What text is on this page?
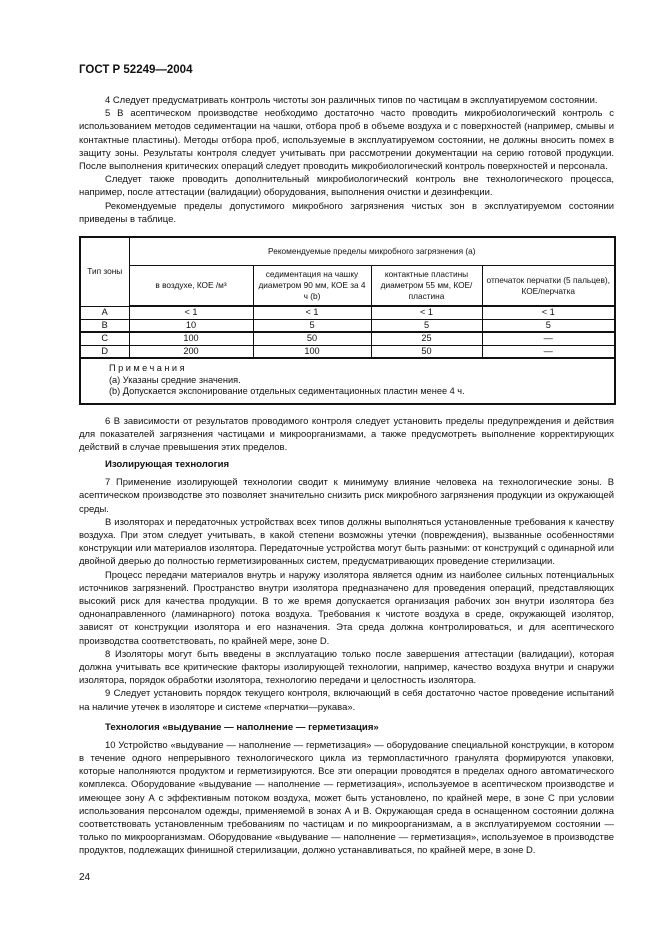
ГОСТ Р 52249—2004

4 Следует предусматривать контроль чистоты зон различных типов по частицам в эксплуатируемом состоянии.

5 В асептическом производстве необходимо достаточно часто проводить микробиологический контроль с использованием методов седиментации на чашки, отбора проб в объеме воздуха и с поверхностей (например, смывы и контактные пластины). Методы отбора проб, используемые в эксплуатируемом состоянии, не должны вносить помех в защиту зоны. Результаты контроля следует учитывать при рассмотрении документации на серию готовой продукции. После выполнения критических операций следует проводить микробиологический контроль поверхностей и персонала.

Следует также проводить дополнительный микробиологический контроль вне технологического процесса, например, после аттестации (валидации) оборудования, выполнения очистки и дезинфекции.

Рекомендуемые пределы допустимого микробного загрязнения чистых зон в эксплуатируемом состоянии приведены в таблице.

Тип зоны	Рекомендуемые пределы микробного загрязнения (а)			
	в воздухе, КОЕ /м³	седиментация на чашку диаметром 90 мм, КОЕ за 4 ч (b)	контактные пластины диаметром 55 мм, КОЕ/пластина	отпечаток перчатки (5 пальцев), КОЕ/перчатка
A	< 1	< 1	< 1	< 1
B	10	5	5	5
C	100	50	25	—
D	200	100	50	—

Примечания
(а) Указаны средние значения.
(b) Допускается экспонирование отдельных седиментационных пластин менее 4 ч.				

6 В зависимости от результатов проводимого контроля следует установить пределы предупреждения и действия для показателей загрязнения частицами и микроорганизмами, а также предусмотреть выполнение корректирующих действий в случае превышения этих пределов.

Изолирующая технология

7 Применение изолирующей технологии сводит к минимуму влияние человека на технологические зоны. В асептическом производстве это позволяет значительно снизить риск микробного загрязнения продукции из окружающей среды.

В изоляторах и передаточных устройствах всех типов должны выполняться установленные требования к качеству воздуха. При этом следует учитывать, в какой степени возможны утечки (повреждения), вызванные особенностями конструкции или материалов изолятора. Передаточные устройства могут быть разными: от конструкций с одинарной или двойной дверью до полностью герметизированных систем, предусматривающих проведение стерилизации.

Процесс передачи материалов внутрь и наружу изолятора является одним из наиболее сильных потенциальных источников загрязнений. Пространство внутри изолятора предназначено для проведения операций, представляющих высокий риск для качества продукции. В то же время допускается организация рабочих зон внутри изолятора без однонаправленного (ламинарного) потока воздуха. Требования к чистоте воздуха в среде, окружающей изолятор, зависят от конструкции изолятора и его назначения. Эта среда должна контролироваться, и для асептического производства соответствовать, по крайней мере, зоне D.

8 Изоляторы могут быть введены в эксплуатацию только после завершения аттестации (валидации), которая должна учитывать все критические факторы изолирующей технологии, например, качество воздуха внутри и снаружи изолятора, порядок обработки изолятора, технологию передачи и целостность изолятора.

9 Следует установить порядок текущего контроля, включающий в себя достаточно частое проведение испытаний на наличие утечек в изоляторе и системе «перчатки—рукава».

Технология «выдувание — наполнение — герметизация»

10 Устройство «выдувание — наполнение — герметизация» — оборудование специальной конструкции, в котором в течение одного непрерывного технологического цикла из термопластичного гранулята формируются упаковки, которые наполняются продуктом и герметизируются. Все эти операции проводятся в пределах одного автоматического комплекса. Оборудование «выдувание — наполнение — герметизация», используемое в асептическом производстве и имеющее зону А с эффективным потоком воздуха, может быть установлено, по крайней мере, в зоне С при условии использования персоналом одежды, применяемой в зонах А и В. Окружающая среда в оснащенном состоянии должна соответствовать установленным требованиям по частицам и по микроорганизмам, а в эксплуатируемом состоянии — только по микроорганизмам. Оборудование «выдувание — наполнение — герметизация», используемое в производстве продуктов, подлежащих финишной стерилизации, должно устанавливаться, по крайней мере, в зоне D.

24
